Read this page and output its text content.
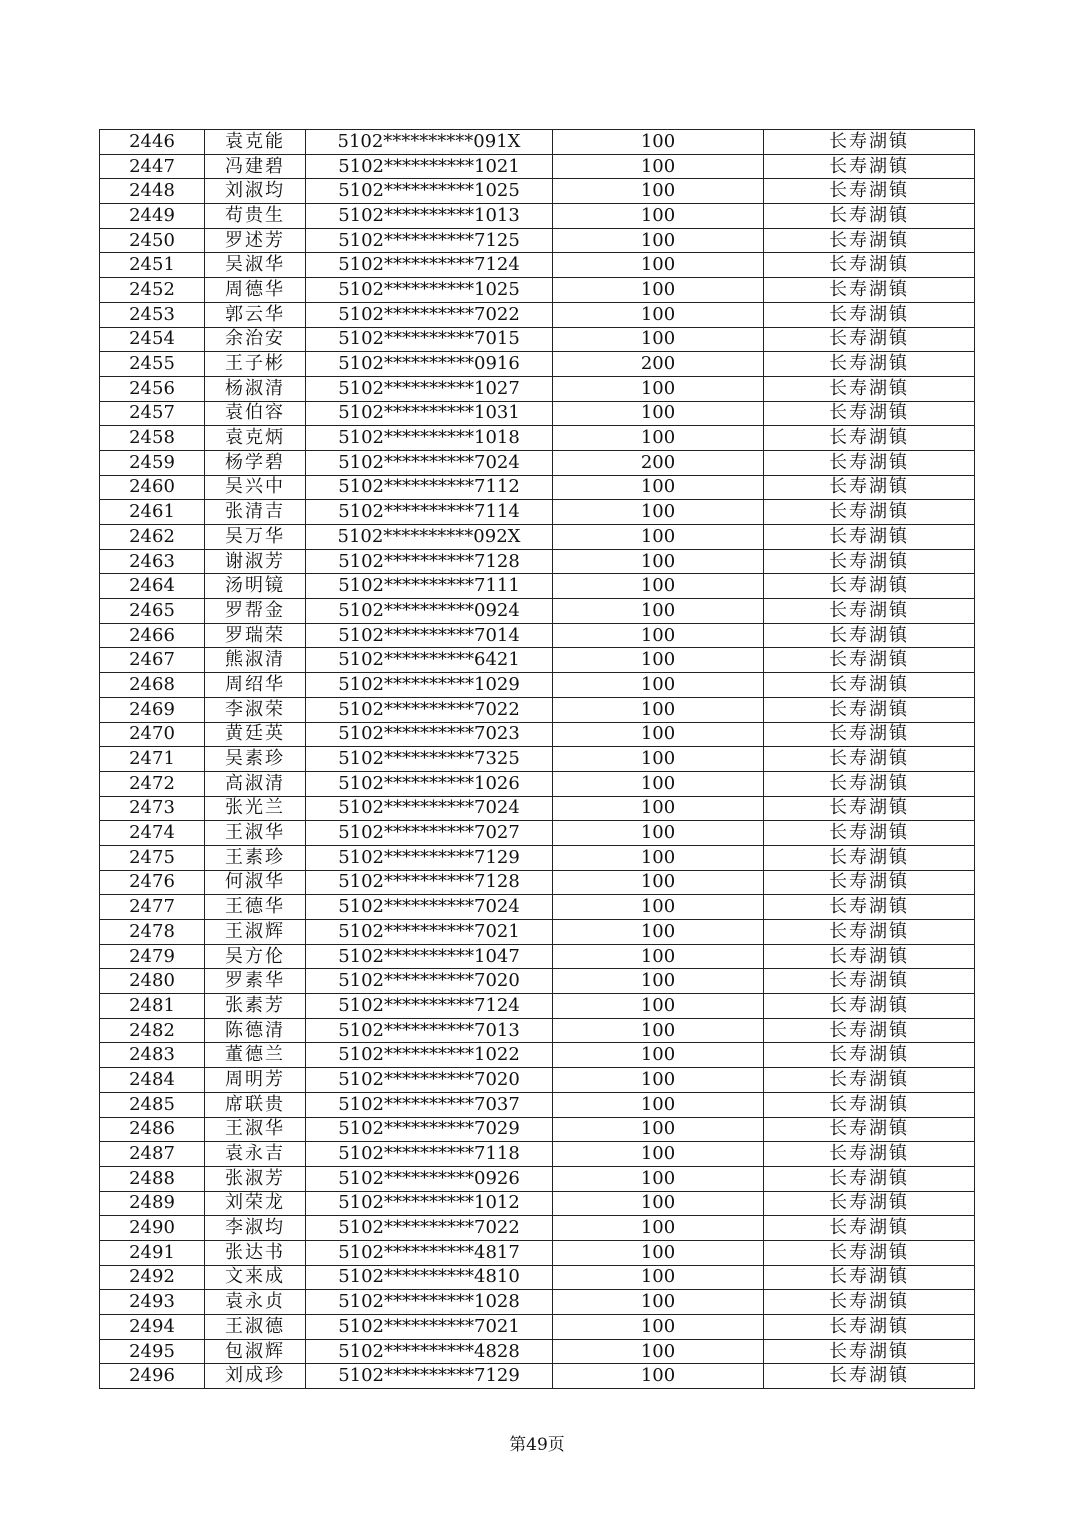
2446	袁克能	5102**********091X	100	长寿湖镇
2447	冯建碧	5102**********1021	100	长寿湖镇
2448	刘淑均	5102**********1025	100	长寿湖镇
2449	苟贵生	5102**********1013	100	长寿湖镇
2450	罗述芳	5102**********7125	100	长寿湖镇
2451	吴淑华	5102**********7124	100	长寿湖镇
2452	周德华	5102**********1025	100	长寿湖镇
2453	郭云华	5102**********7022	100	长寿湖镇
2454	余治安	5102**********7015	100	长寿湖镇
2455	王子彬	5102**********0916	200	长寿湖镇
2456	杨淑清	5102**********1027	100	长寿湖镇
2457	袁伯容	5102**********1031	100	长寿湖镇
2458	袁克炳	5102**********1018	100	长寿湖镇
2459	杨学碧	5102**********7024	200	长寿湖镇
2460	吴兴中	5102**********7112	100	长寿湖镇
2461	张清吉	5102**********7114	100	长寿湖镇
2462	吴万华	5102**********092X	100	长寿湖镇
2463	谢淑芳	5102**********7128	100	长寿湖镇
2464	汤明镜	5102**********7111	100	长寿湖镇
2465	罗帮金	5102**********0924	100	长寿湖镇
2466	罗瑞荣	5102**********7014	100	长寿湖镇
2467	熊淑清	5102**********6421	100	长寿湖镇
2468	周绍华	5102**********1029	100	长寿湖镇
2469	李淑荣	5102**********7022	100	长寿湖镇
2470	黄廷英	5102**********7023	100	长寿湖镇
2471	吴素珍	5102**********7325	100	长寿湖镇
2472	高淑清	5102**********1026	100	长寿湖镇
2473	张光兰	5102**********7024	100	长寿湖镇
2474	王淑华	5102**********7027	100	长寿湖镇
2475	王素珍	5102**********7129	100	长寿湖镇
2476	何淑华	5102**********7128	100	长寿湖镇
2477	王德华	5102**********7024	100	长寿湖镇
2478	王淑辉	5102**********7021	100	长寿湖镇
2479	吴方伦	5102**********1047	100	长寿湖镇
2480	罗素华	5102**********7020	100	长寿湖镇
2481	张素芳	5102**********7124	100	长寿湖镇
2482	陈德清	5102**********7013	100	长寿湖镇
2483	董德兰	5102**********1022	100	长寿湖镇
2484	周明芳	5102**********7020	100	长寿湖镇
2485	席联贵	5102**********7037	100	长寿湖镇
2486	王淑华	5102**********7029	100	长寿湖镇
2487	袁永吉	5102**********7118	100	长寿湖镇
2488	张淑芳	5102**********0926	100	长寿湖镇
2489	刘荣龙	5102**********1012	100	长寿湖镇
2490	李淑均	5102**********7022	100	长寿湖镇
2491	张达书	5102**********4817	100	长寿湖镇
2492	文来成	5102**********4810	100	长寿湖镇
2493	袁永贞	5102**********1028	100	长寿湖镇
2494	王淑德	5102**********7021	100	长寿湖镇
2495	包淑辉	5102**********4828	100	长寿湖镇
2496	刘成珍	5102**********7129	100	长寿湖镇
第49页
